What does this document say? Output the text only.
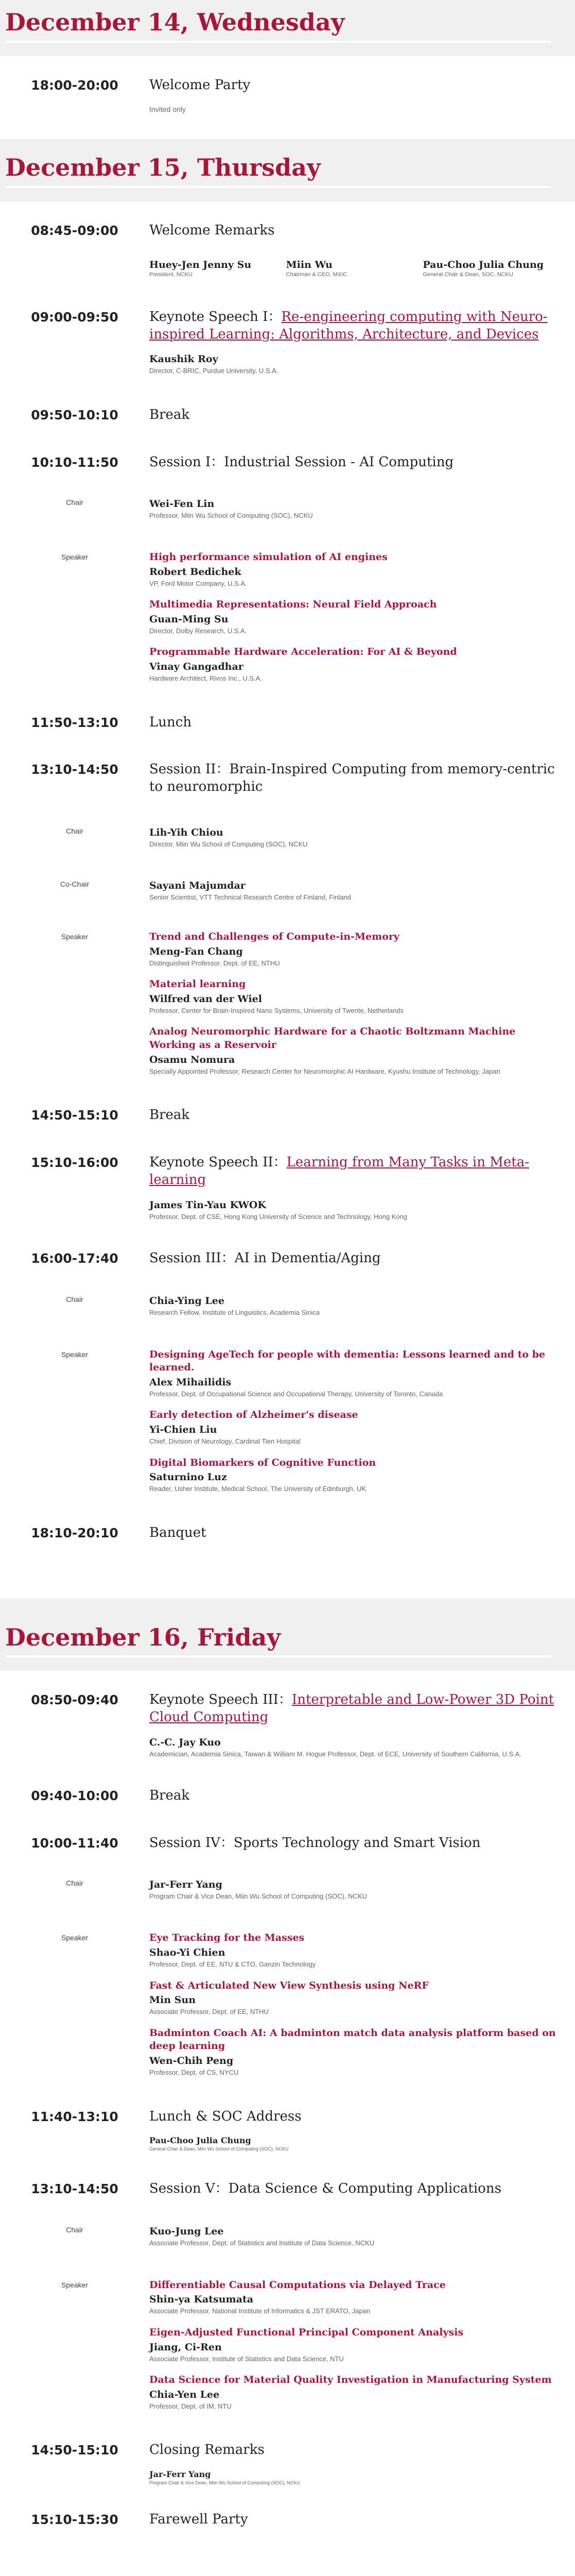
December 14, Wednesday
18:00-20:00	Welcome Party
Invited only
December 15, Thursday
08:45-09:00	Welcome Remarks
Huey-Jen Jenny Su
President, NCKU
Miin Wu
Chairman & CEO, MXIC
Pau-Choo Julia Chung
General Chair & Dean, SOC, NCKU
09:00-09:50	Keynote Speech I：Re-engineering computing with Neuro-inspired Learning: Algorithms, Architecture, and Devices
Kaushik Roy
Director, C-BRIC, Purdue University, U.S.A.
09:50-10:10	Break
10:10-11:50	Session I：Industrial Session - AI Computing
Chair	Wei-Fen Lin
Professor, Miin Wu School of Computing (SOC), NCKU
Speaker	High performance simulation of AI engines
Robert Bedichek
VP, Ford Motor Company, U.S.A.
Multimedia Representations: Neural Field Approach
Guan-Ming Su
Director, Dolby Research, U.S.A.
Programmable Hardware Acceleration: For AI & Beyond
Vinay Gangadhar
Hardware Architect, Rivos Inc., U.S.A.
11:50-13:10	Lunch
13:10-14:50	Session II：Brain-Inspired Computing from memory-centric to neuromorphic
Chair	Lih-Yih Chiou
Director, Miin Wu School of Computing (SOC), NCKU
Co-Chair	Sayani Majumdar
Senior Scientist, VTT Technical Research Centre of Finland, Finland
Speaker	Trend and Challenges of Compute-in-Memory
Meng-Fan Chang
Distinguished Professor, Dept. of EE, NTHU
Material learning
Wilfred van der Wiel
Professor, Center for Brain-Inspired Nano Systems, University of Twente, Netherlands
Analog Neuromorphic Hardware for a Chaotic Boltzmann Machine Working as a Reservoir
Osamu Nomura
Specially Appointed Professor, Research Center for Neuromorphic AI Hardware, Kyushu Institute of Technology, Japan
14:50-15:10	Break
15:10-16:00	Keynote Speech II：Learning from Many Tasks in Meta-learning
James Tin-Yau KWOK
Professor, Dept. of CSE, Hong Kong University of Science and Technology, Hong Kong
16:00-17:40	Session III：AI in Dementia/Aging
Chair	Chia-Ying Lee
Research Fellow, Institute of Linguistics, Academia Sinica
Speaker	Designing AgeTech for people with dementia: Lessons learned and to be learned.
Alex Mihailidis
Professor, Dept. of Occupational Science and Occupational Therapy, University of Toronto, Canada
Early detection of Alzheimer's disease
Yi-Chien Liu
Chief, Division of Neurology, Cardinal Tien Hospital
Digital Biomarkers of Cognitive Function
Saturnino Luz
Reader, Usher Institute, Medical School, The University of Edinburgh, UK
18:10-20:10	Banquet
December 16, Friday
08:50-09:40	Keynote Speech III：Interpretable and Low-Power 3D Point Cloud Computing
C.-C. Jay Kuo
Academician, Academia Sinica, Taiwan & William M. Hogue Professor, Dept. of ECE, University of Southern California, U.S.A.
09:40-10:00	Break
10:00-11:40	Session IV：Sports Technology and Smart Vision
Chair	Jar-Ferr Yang
Program Chair & Vice Dean, Miin Wu School of Computing (SOC), NCKU
Speaker	Eye Tracking for the Masses
Shao-Yi Chien
Professor, Dept. of EE, NTU & CTO, Ganzin Technology
Fast & Articulated New View Synthesis using NeRF
Min Sun
Associate Professor, Dept. of EE, NTHU
Badminton Coach AI: A badminton match data analysis platform based on deep learning
Wen-Chih Peng
Professor, Dept. of CS, NYCU
11:40-13:10	Lunch & SOC Address
Pau-Choo Julia Chung
General Chair & Dean, Miin Wu School of Computing (SOC), NCKU
13:10-14:50	Session V：Data Science & Computing Applications
Chair	Kuo-Jung Lee
Associate Professor, Dept. of Statistics and Institute of Data Science, NCKU
Speaker	Differentiable Causal Computations via Delayed Trace
Shin-ya Katsumata
Associate Professor, National Institute of Informatics & JST ERATO, Japan
Eigen-Adjusted Functional Principal Component Analysis
Jiang, Ci-Ren
Associate Professor, Institute of Statistics and Data Science, NTU
Data Science for Material Quality Investigation in Manufacturing System
Chia-Yen Lee
Professor, Dept. of IM, NTU
14:50-15:10	Closing Remarks
Jar-Ferr Yang
Program Chair & Vice Dean, Miin Wu School of Computing (SOC), NCKU
15:10-15:30	Farewell Party
